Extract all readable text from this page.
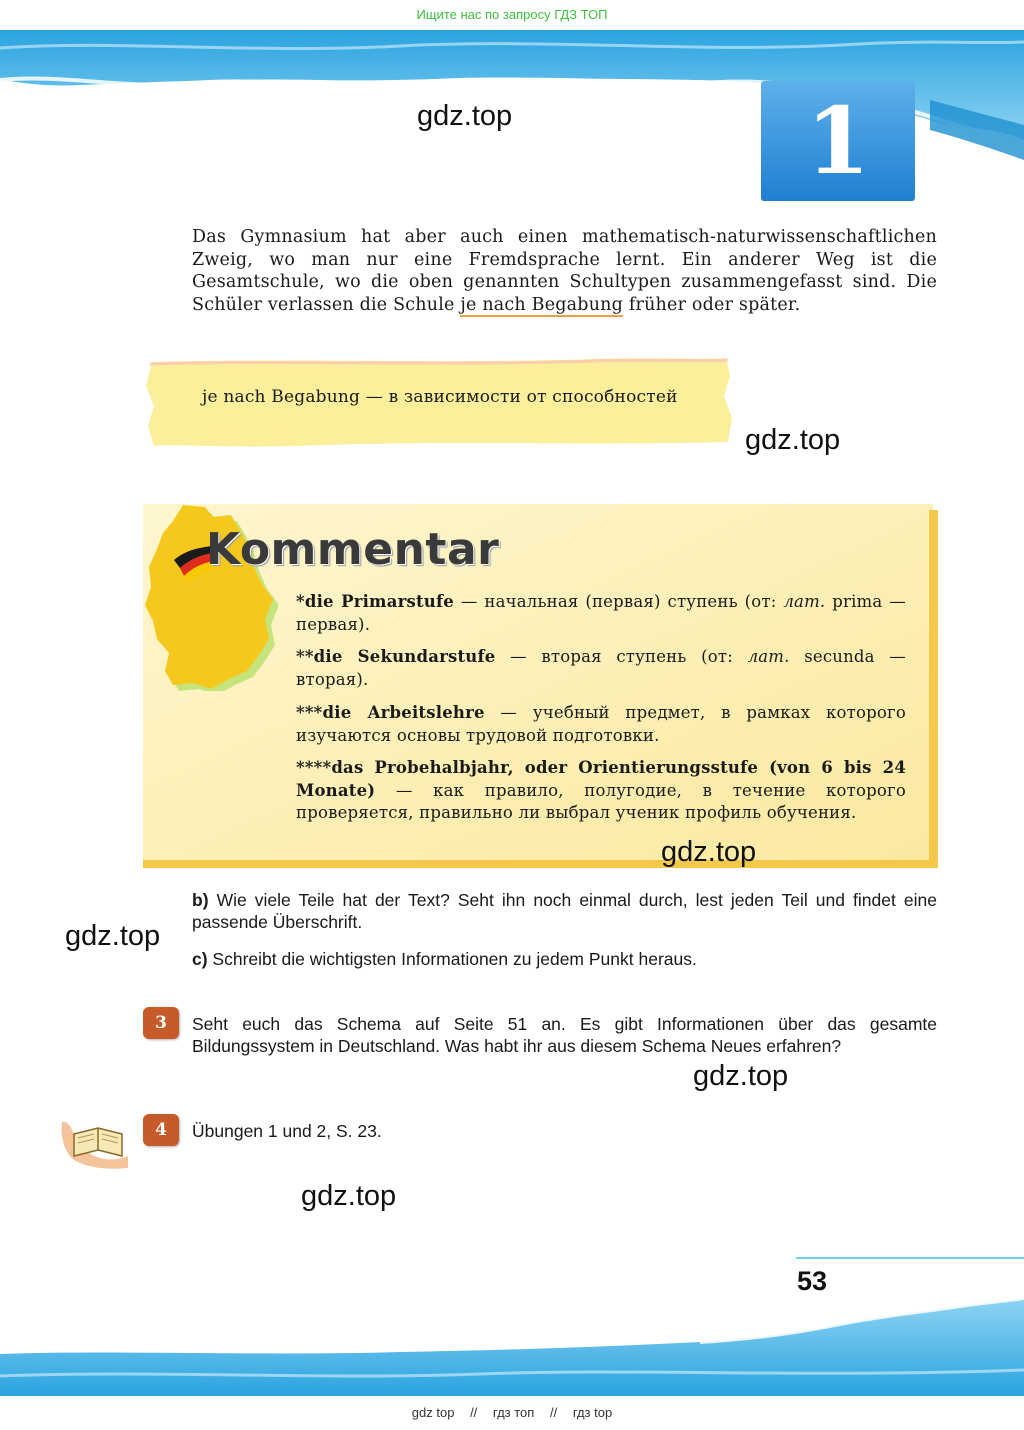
Ищите нас по запросу ГДЗ ТОП
1
gdz.top
Das Gymnasium hat aber auch einen mathematisch-naturwissenschaftlichen Zweig, wo man nur eine Fremdsprache lernt. Ein anderer Weg ist die Gesamtschule, wo die oben genannten Schultypen zusammengefasst sind. Die Schüler verlassen die Schule je nach Begabung früher oder später.
je nach Begabung — в зависимости от способностей
gdz.top
Kommentar
*die Primarstufe — начальная (первая) ступень (от: лат. prima — первая).
**die Sekundarstufe — вторая ступень (от: лат. secunda — вторая).
***die Arbeitslehre — учебный предмет, в рамках которого изучаются основы трудовой подготовки.
****das Probehalbjahr, oder Orientierungsstufe (von 6 bis 24 Monate) — как правило, полугодие, в течение которого проверяется, правильно ли выбрал ученик профиль обучения.
gdz.top
b) Wie viele Teile hat der Text? Seht ihn noch einmal durch, lest jeden Teil und findet eine passende Überschrift.
gdz.top
c) Schreibt die wichtigsten Informationen zu jedem Punkt heraus.
3	Seht euch das Schema auf Seite 51 an. Es gibt Informationen über das gesamte Bildungssystem in Deutschland. Was habt ihr aus diesem Schema Neues erfahren?
gdz.top
4	Übungen 1 und 2, S. 23.
gdz.top
53
gdz top // гдз топ // гдз top
